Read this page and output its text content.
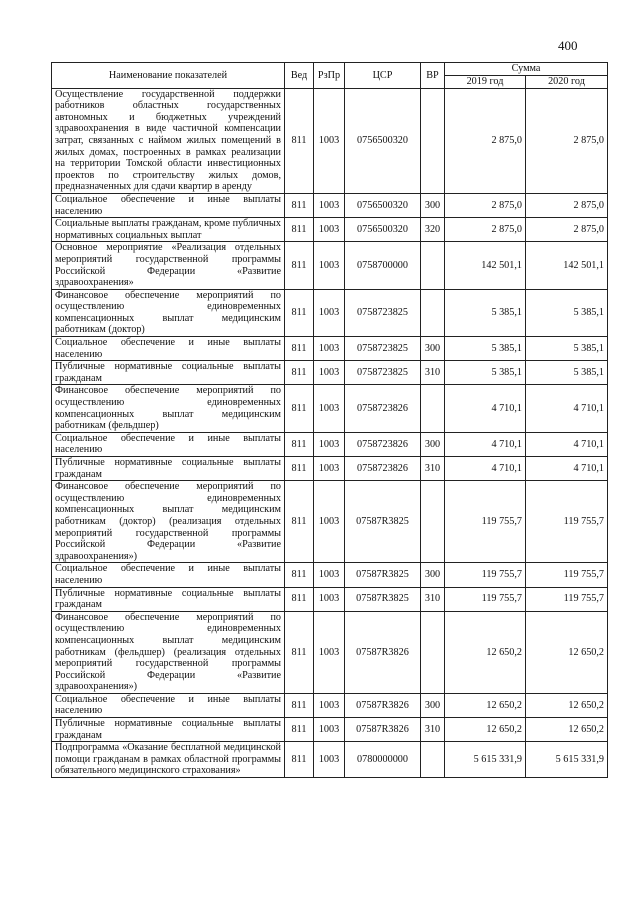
400
Наименование показателей	Вед	РзПр	ЦСР	ВР	Сумма	
					2019 год	2020 год
Осуществление государственной поддержки работников областных государственных автономных и бюджетных учреждений здравоохранения в виде частичной компенсации затрат, связанных с наймом жилых помещений в жилых домах, построенных в рамках реализации на территории Томской области инвестиционных проектов по строительству жилых домов, предназначенных для сдачи квартир в аренду	811	1003	0756500320		2 875,0	2 875,0
Социальное обеспечение и иные выплаты населению	811	1003	0756500320	300	2 875,0	2 875,0
Социальные выплаты гражданам, кроме публичных нормативных социальных выплат	811	1003	0756500320	320	2 875,0	2 875,0
Основное мероприятие «Реализация отдельных мероприятий государственной программы Российской Федерации «Развитие здравоохранения»	811	1003	0758700000		142 501,1	142 501,1
Финансовое обеспечение мероприятий по осуществлению единовременных компенсационных выплат медицинским работникам (доктор)	811	1003	0758723825		5 385,1	5 385,1
Социальное обеспечение и иные выплаты населению	811	1003	0758723825	300	5 385,1	5 385,1
Публичные нормативные социальные выплаты гражданам	811	1003	0758723825	310	5 385,1	5 385,1
Финансовое обеспечение мероприятий по осуществлению единовременных компенсационных выплат медицинским работникам (фельдшер)	811	1003	0758723826		4 710,1	4 710,1
Социальное обеспечение и иные выплаты населению	811	1003	0758723826	300	4 710,1	4 710,1
Публичные нормативные социальные выплаты гражданам	811	1003	0758723826	310	4 710,1	4 710,1
Финансовое обеспечение мероприятий по осуществлению единовременных компенсационных выплат медицинским работникам (доктор) (реализация отдельных мероприятий государственной программы Российской Федерации «Развитие здравоохранения»)	811	1003	07587R3825		119 755,7	119 755,7
Социальное обеспечение и иные выплаты населению	811	1003	07587R3825	300	119 755,7	119 755,7
Публичные нормативные социальные выплаты гражданам	811	1003	07587R3825	310	119 755,7	119 755,7
Финансовое обеспечение мероприятий по осуществлению единовременных компенсационных выплат медицинским работникам (фельдшер) (реализация отдельных мероприятий государственной программы Российской Федерации «Развитие здравоохранения»)	811	1003	07587R3826		12 650,2	12 650,2
Социальное обеспечение и иные выплаты населению	811	1003	07587R3826	300	12 650,2	12 650,2
Публичные нормативные социальные выплаты гражданам	811	1003	07587R3826	310	12 650,2	12 650,2
Подпрограмма «Оказание бесплатной медицинской помощи гражданам в рамках областной программы обязательного медицинского страхования»	811	1003	0780000000		5 615 331,9	5 615 331,9
